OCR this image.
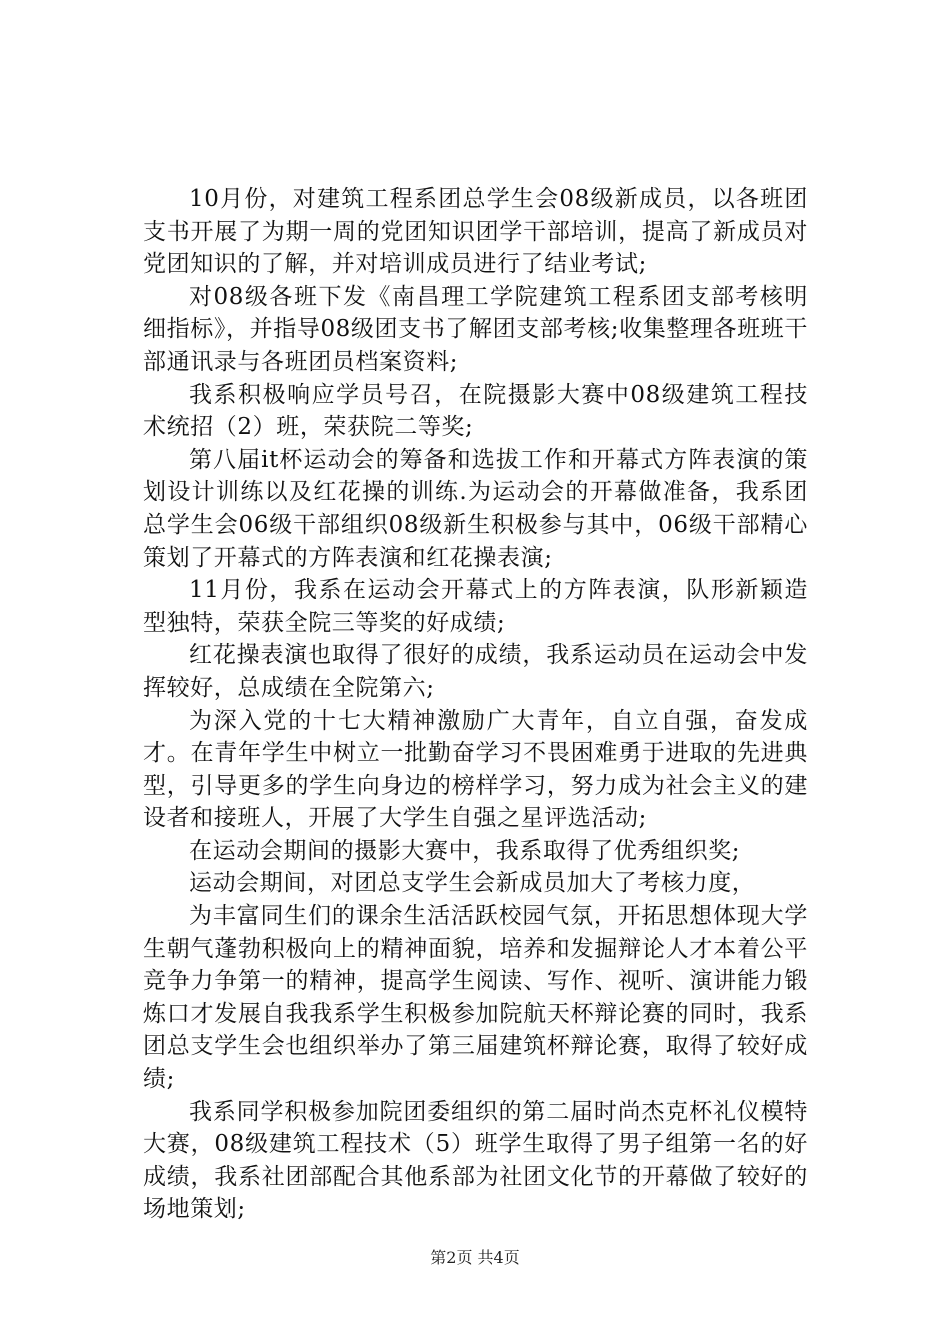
10月份，对建筑工程系团总学生会08级新成员，以各班团支书开展了为期一周的党团知识团学干部培训，提高了新成员对党团知识的了解，并对培训成员进行了结业考试;

对08级各班下发《南昌理工学院建筑工程系团支部考核明细指标》，并指导08级团支书了解团支部考核;收集整理各班班干部通讯录与各班团员档案资料;

我系积极响应学员号召，在院摄影大赛中08级建筑工程技术统招（2）班，荣获院二等奖;

第八届it杯运动会的筹备和选拔工作和开幕式方阵表演的策划设计训练以及红花操的训练.为运动会的开幕做准备，我系团总学生会06级干部组织08级新生积极参与其中，06级干部精心策划了开幕式的方阵表演和红花操表演;

11月份，我系在运动会开幕式上的方阵表演，队形新颖造型独特，荣获全院三等奖的好成绩;

红花操表演也取得了很好的成绩，我系运动员在运动会中发挥较好，总成绩在全院第六;

为深入党的十七大精神激励广大青年，自立自强，奋发成才。在青年学生中树立一批勤奋学习不畏困难勇于进取的先进典型，引导更多的学生向身边的榜样学习，努力成为社会主义的建设者和接班人，开展了大学生自强之星评选活动;

在运动会期间的摄影大赛中，我系取得了优秀组织奖;

运动会期间，对团总支学生会新成员加大了考核力度，

为丰富同生们的课余生活活跃校园气氛，开拓思想体现大学生朝气蓬勃积极向上的精神面貌，培养和发掘辩论人才本着公平竞争力争第一的精神，提高学生阅读、写作、视听、演讲能力锻炼口才发展自我我系学生积极参加院航天杯辩论赛的同时，我系团总支学生会也组织举办了第三届建筑杯辩论赛，取得了较好成绩;

我系同学积极参加院团委组织的第二届时尚杰克杯礼仪模特大赛，08级建筑工程技术（5）班学生取得了男子组第一名的好成绩，我系社团部配合其他系部为社团文化节的开幕做了较好的场地策划;

第2页 共4页
